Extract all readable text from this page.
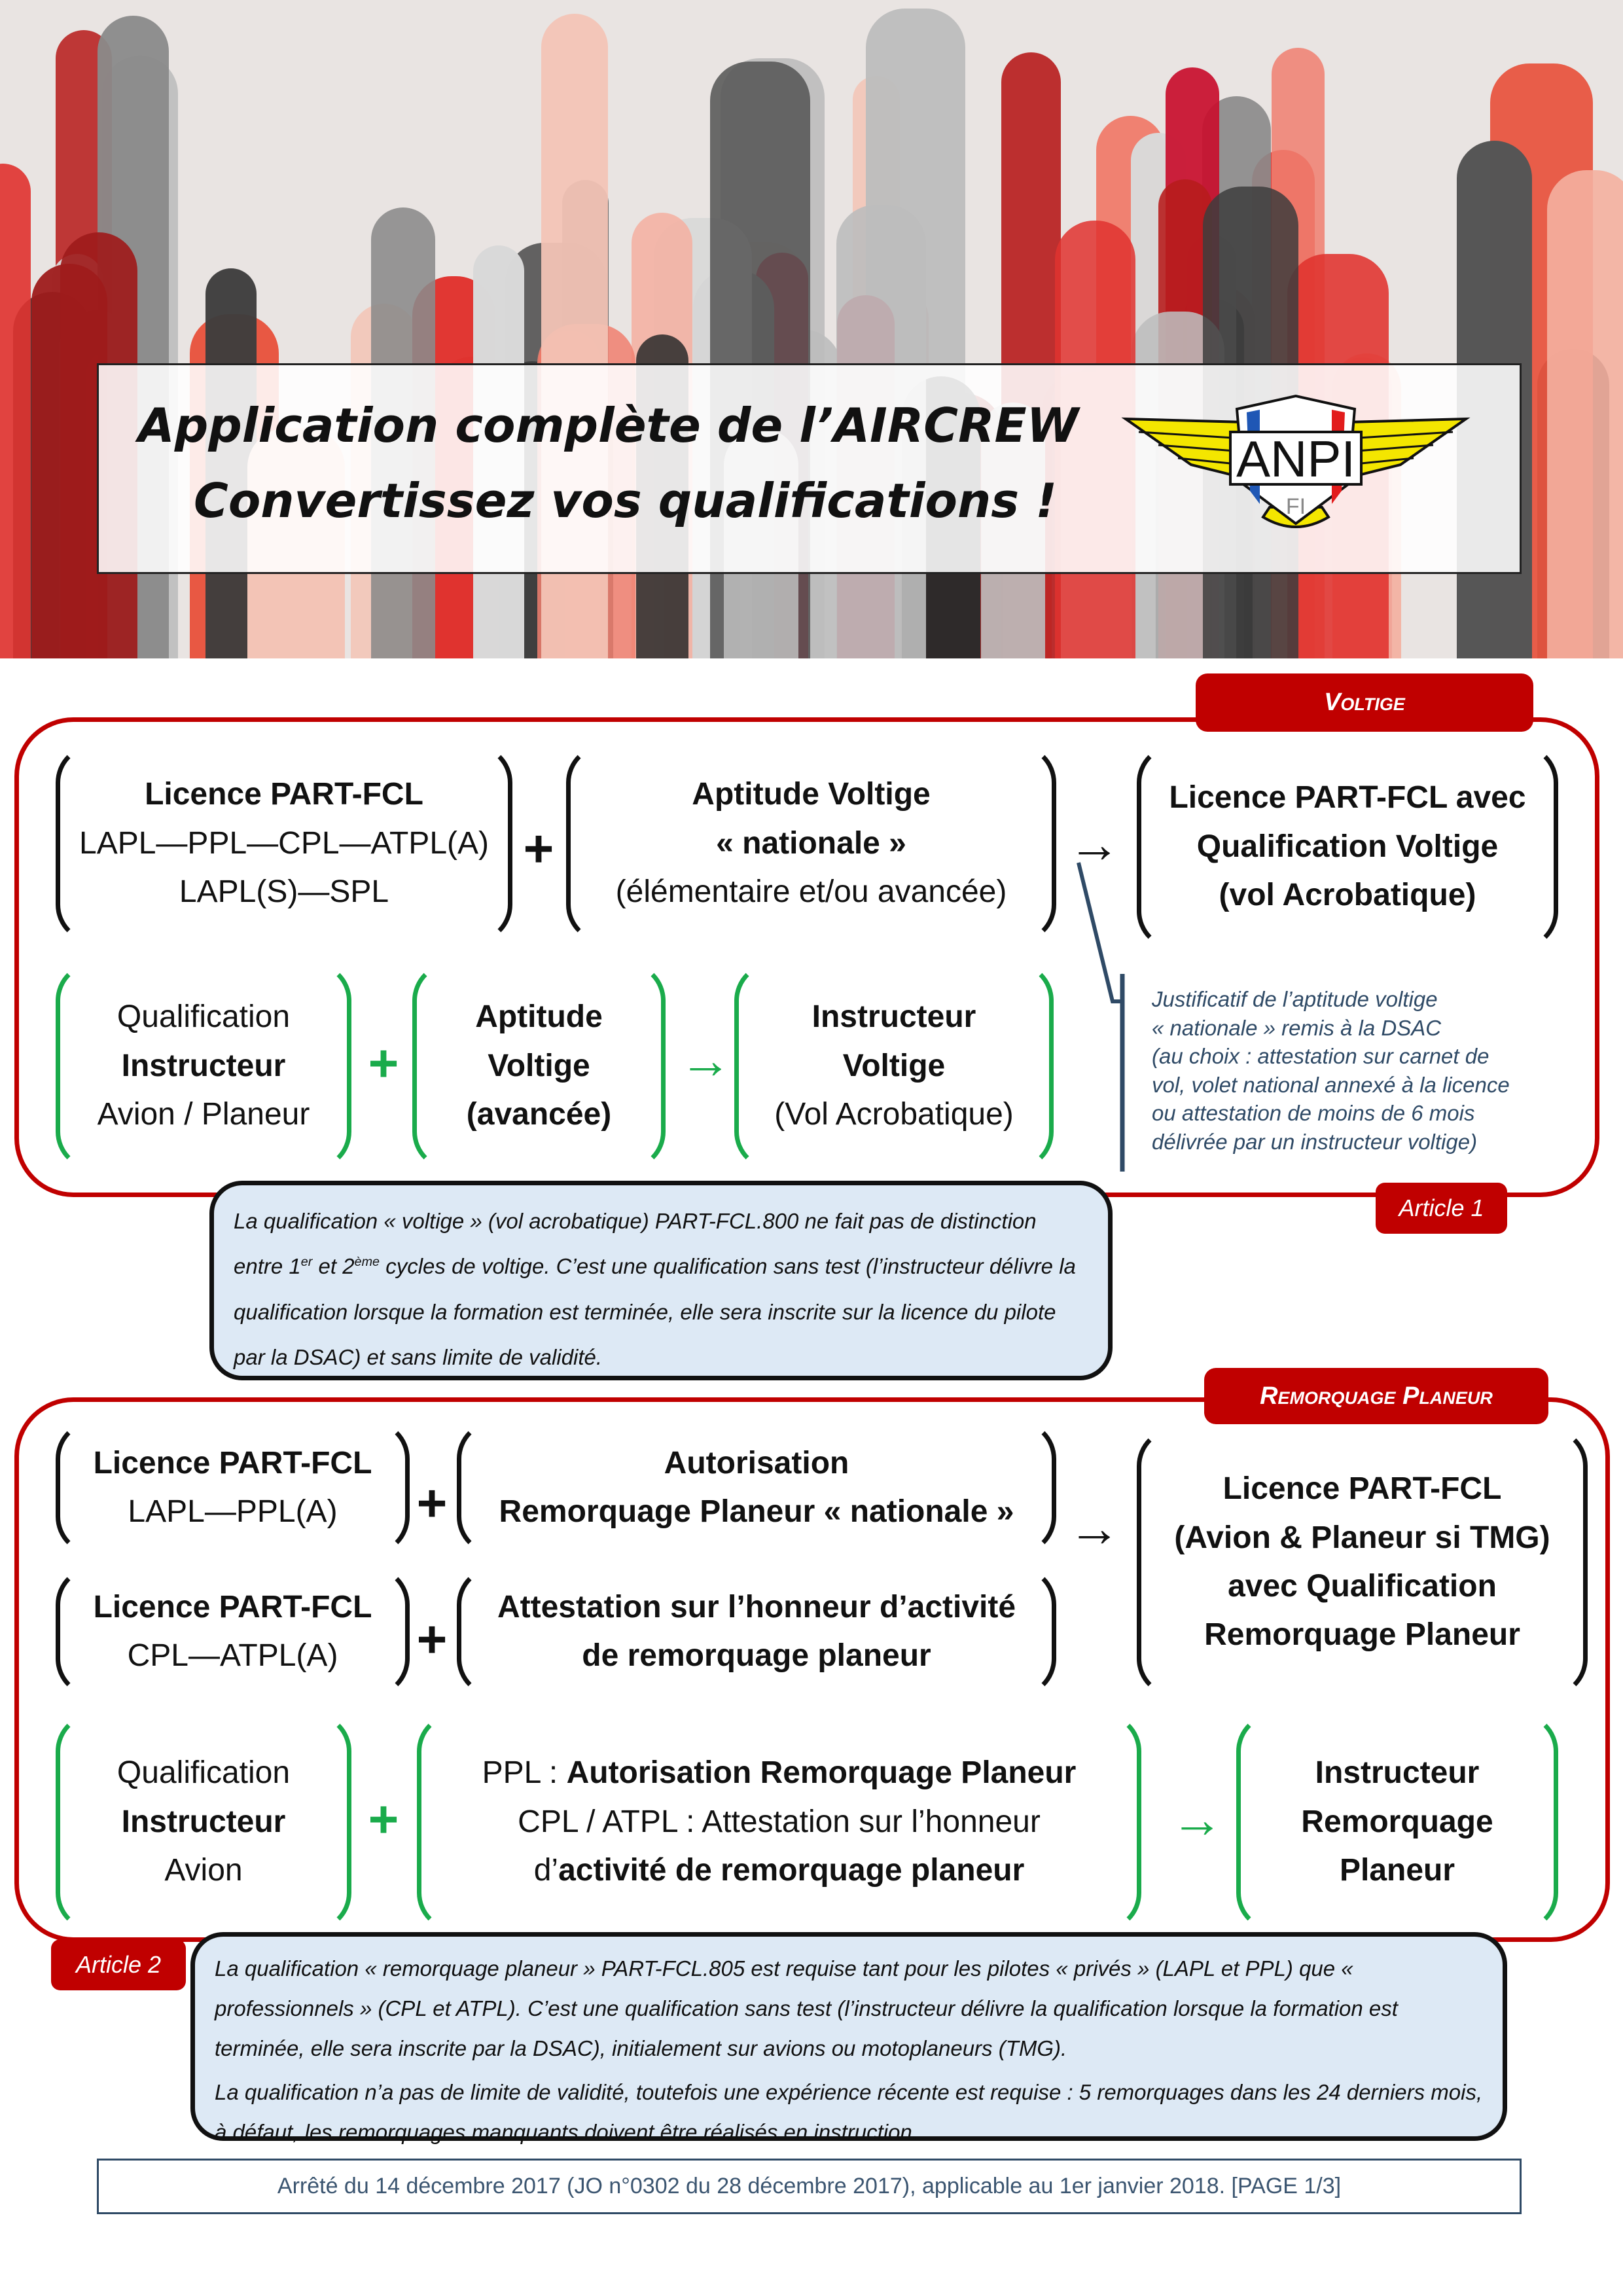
Application complète de l’AIRCREW
Convertissez vos qualifications !
ANPI
FI
Voltige
Licence PART-FCL
LAPL—PPL—CPL—ATPL(A)
LAPL(S)—SPL
+
Aptitude Voltige
« nationale »
(élémentaire et/ou avancée)
→
Licence PART-FCL avec
Qualification Voltige
(vol Acrobatique)
Qualification
Instructeur
Avion / Planeur
+
Aptitude
Voltige
(avancée)
→
Instructeur
Voltige
(Vol Acrobatique)
Justificatif de l’aptitude voltige
« nationale » remis à la DSAC
(au choix : attestation sur carnet de
vol, volet national annexé à la licence
ou attestation de moins de 6 mois
délivrée par un instructeur voltige)
Article 1

La qualification « voltige » (vol acrobatique) PART-FCL.800 ne fait pas de distinction entre 1er et 2ème cycles de voltige. C’est une qualification sans test (l’instructeur délivre la qualification lorsque la formation est terminée, elle sera inscrite sur la licence du pilote par la DSAC) et sans limite de validité.

Remorquage Planeur
Licence PART-FCL
LAPL—PPL(A) +
Autorisation
Remorquage Planeur « nationale »
Licence PART-FCL
CPL—ATPL(A) +
Attestation sur l’honneur d’activité
de remorquage planeur
→
Licence PART-FCL
(Avion & Planeur si TMG)
avec Qualification
Remorquage Planeur
Qualification
Instructeur
Avion
+
PPL : Autorisation Remorquage Planeur
CPL / ATPL : Attestation sur l’honneur
d’activité de remorquage planeur
→
Instructeur
Remorquage
Planeur
Article 2	La qualification « remorquage planeur » PART-FCL.805 est requise tant pour les pilotes « privés » (LAPL et PPL) que « professionnels » (CPL et ATPL). C’est une qualification sans test (l’instructeur délivre la qualification lorsque la formation est terminée, elle sera inscrite par la DSAC), initialement sur avions ou motoplaneurs (TMG).

La qualification n’a pas de limite de validité, toutefois une expérience récente est requise : 5 remorquages dans les 24 derniers mois, à défaut, les remorquages manquants doivent être réalisés en instruction.

Arrêté du 14 décembre 2017 (JO n°0302 du 28 décembre 2017), applicable au 1er janvier 2018. [PAGE 1/3]
